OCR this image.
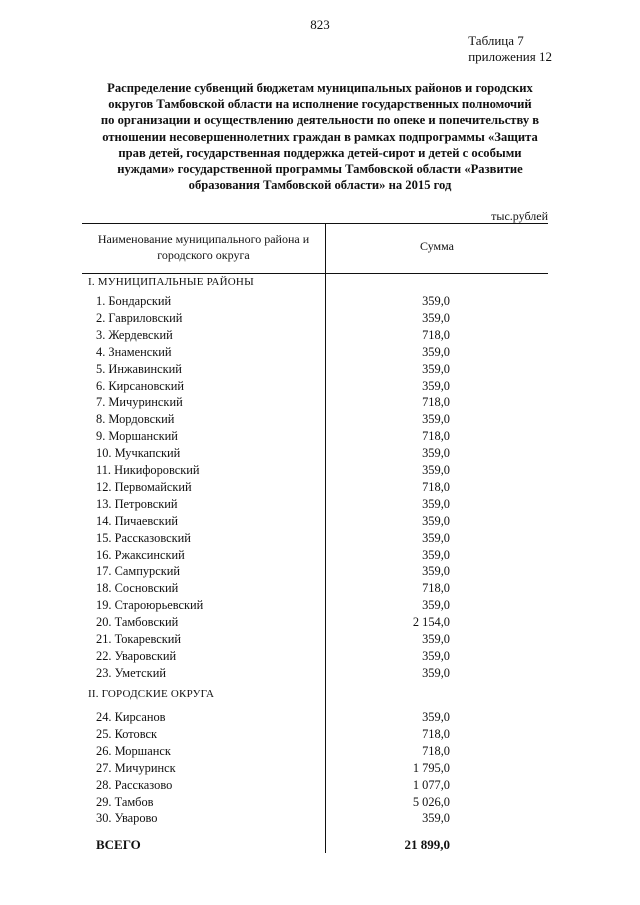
823
Таблица 7
приложения 12
Распределение субвенций бюджетам муниципальных районов и городских
округов Тамбовской области на исполнение государственных полномочий
по организации и осуществлению деятельности по опеке и попечительству в
отношении несовершеннолетних граждан в рамках подпрограммы «Защита
прав детей, государственная поддержка детей-сирот и детей с особыми
нуждами» государственной программы Тамбовской области «Развитие
образования Тамбовской области» на 2015 год
тыс.рублей
Наименование муниципального района и
городского округа
Сумма
I. МУНИЦИПАЛЬНЫЕ РАЙОНЫ
1. Бондарский	359,0
2. Гавриловский	359,0
3. Жердевский	718,0
4. Знаменский	359,0
5. Инжавинский	359,0
6. Кирсановский	359,0
7. Мичуринский	718,0
8. Мордовский	359,0
9. Моршанский	718,0
10. Мучкапский	359,0
11. Никифоровский	359,0
12. Первомайский	718,0
13. Петровский	359,0
14. Пичаевский	359,0
15. Рассказовский	359,0
16. Ржаксинский	359,0
17. Сампурский	359,0
18. Сосновский	718,0
19. Староюрьевский	359,0
20. Тамбовский	2 154,0
21. Токаревский	359,0
22. Уваровский	359,0
23. Уметский	359,0
II. ГОРОДСКИЕ ОКРУГА
24. Кирсанов	359,0
25. Котовск	718,0
26. Моршанск	718,0
27. Мичуринск	1 795,0
28. Рассказово	1 077,0
29. Тамбов	5 026,0
30. Уварово	359,0
ВСЕГО	21 899,0
